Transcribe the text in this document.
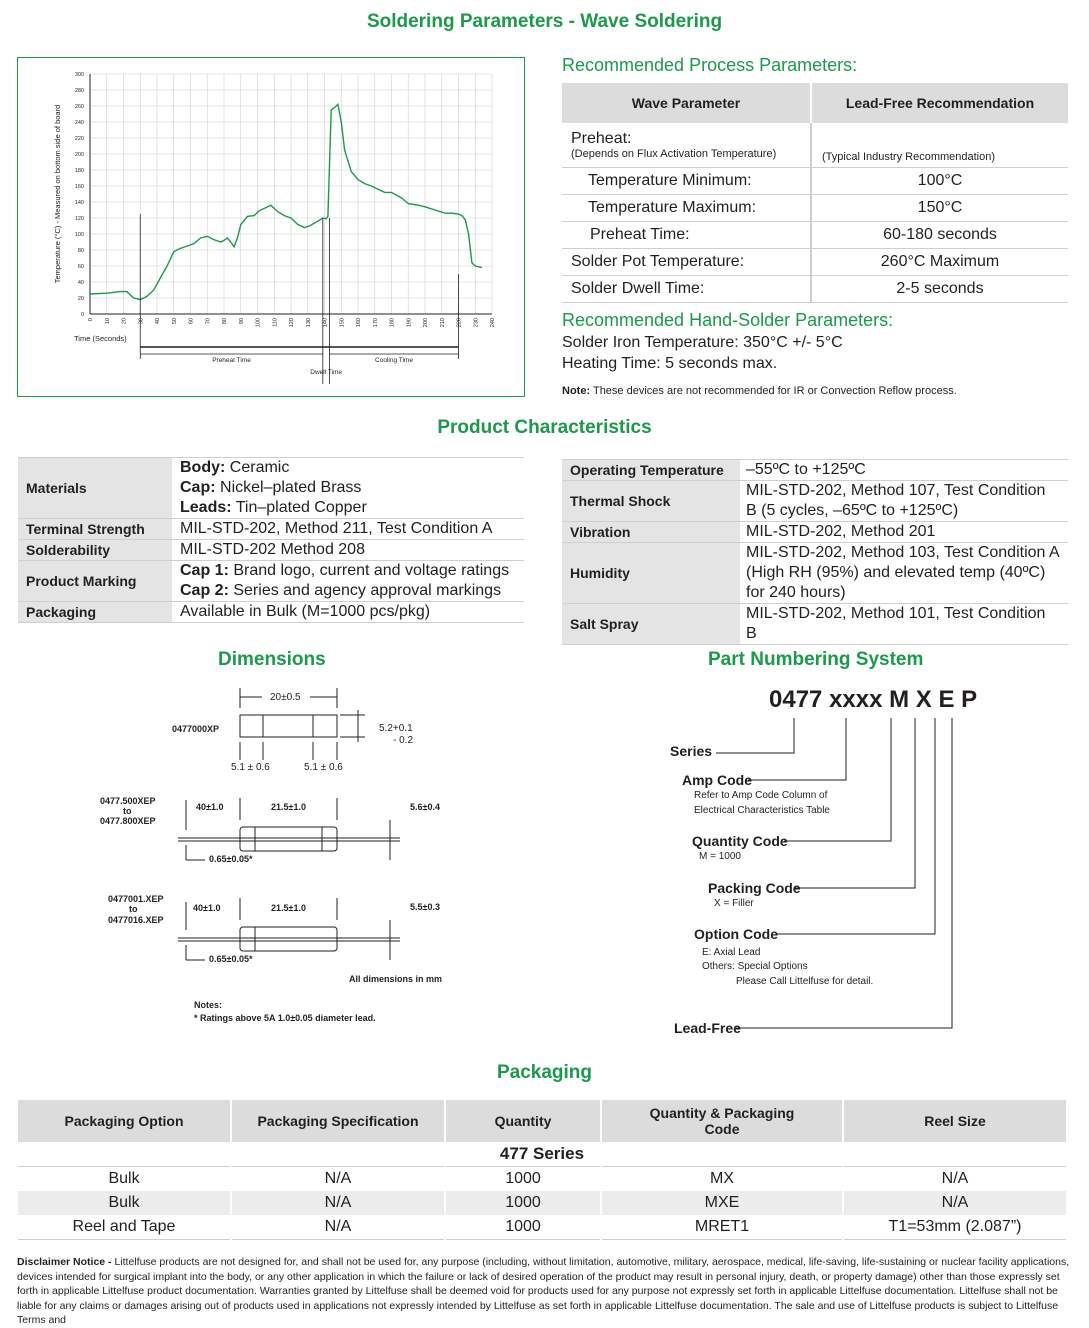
Soldering Parameters - Wave Soldering
0
20
40
60
80
100
120
140
160
180
200
220
240
260
280
300
0 10 20 30 40 50 60 70 80 90 100 110 120 130 140 150 160 170 180 190 200 210 220 230 240
Temperature (°C) - Measured on bottom side of board
Time (Seconds)
Preheat Time
Dwell Time
Cooling Time
Recommended Process Parameters:
Wave Parameter	Lead-Free Recommendation

Preheat:
(Depends on Flux Activation Temperature)	(Typical Industry Recommendation)
Temperature Minimum:	100°C
Temperature Maximum:	150°C
Preheat Time:	60-180 seconds
Solder Pot Temperature:	260°C Maximum
Solder Dwell Time:	2-5 seconds
Recommended Hand-Solder Parameters:
Solder Iron Temperature: 350°C +/- 5°C
Heating Time: 5 seconds max.
Note: These devices are not recommended for IR or Convection Reflow process.
Product Characteristics
Materials	Body: Ceramic
Cap: Nickel–plated Brass
Leads: Tin–plated Copper

Terminal Strength	MIL-STD-202, Method 211, Test Condition A
Solderability	MIL-STD-202 Method 208
Product Marking	Cap 1: Brand logo, current and voltage ratings
Cap 2: Series and agency approval markings

Packaging	Available in Bulk (M=1000 pcs/pkg)
Operating Temperature	–55ºC to +125ºC
Thermal Shock	MIL-STD-202, Method 107, Test Condition B (5 cycles, –65ºC to +125ºC)
Vibration	MIL-STD-202, Method 201
Humidity	MIL-STD-202, Method 103, Test Condition A (High RH (95%) and elevated temp (40ºC) for 240 hours)
Salt Spray	MIL-STD-202, Method 101, Test Condition B
Dimensions
0477000XP
20±0.5
5.2+0.1
- 0.2
5.1 ± 0.6	5.1 ± 0.6
0477.500XEP
to
0477.800XEP
40±1.0	21.5±1.0	5.6±0.4
0.65±0.05*
0477001.XEP
to
0477016.XEP
40±1.0	21.5±1.0	5.5±0.3
0.65±0.05*
All dimensions in mm
Notes:
* Ratings above 5A 1.0±0.05 diameter lead.
Part Numbering System
0477 xxxx M X E P
Series
Amp Code
Refer to Amp Code Column of
Electrical Characteristics Table
Quantity Code
M = 1000
Packing Code
X = Filler
Option Code
E: Axial Lead
Others: Special Options
Please Call Littelfuse for detail.
Lead-Free
Packaging
Packaging Option	Packaging Specification	Quantity	Quantity & Packaging Code	Reel Size
477 Series				
Bulk	N/A	1000	MX	N/A
Bulk	N/A	1000	MXE	N/A
Reel and Tape	N/A	1000	MRET1	T1=53mm (2.087”)
Disclaimer Notice - Littelfuse products are not designed for, and shall not be used for, any purpose (including, without limitation, automotive, military, aerospace, medical, life-saving, life-sustaining or nuclear facility applications, devices intended for surgical implant into the body, or any other application in which the failure or lack of desired operation of the product may result in personal injury, death, or property damage) other than those expressly set forth in applicable Littelfuse product documentation. Warranties granted by Littelfuse shall be deemed void for products used for any purpose not expressly set forth in applicable Littelfuse documentation. Littelfuse shall not be liable for any claims or damages arising out of products used in applications not expressly intended by Littelfuse as set forth in applicable Littelfuse documentation. The sale and use of Littelfuse products is subject to Littelfuse Terms and
